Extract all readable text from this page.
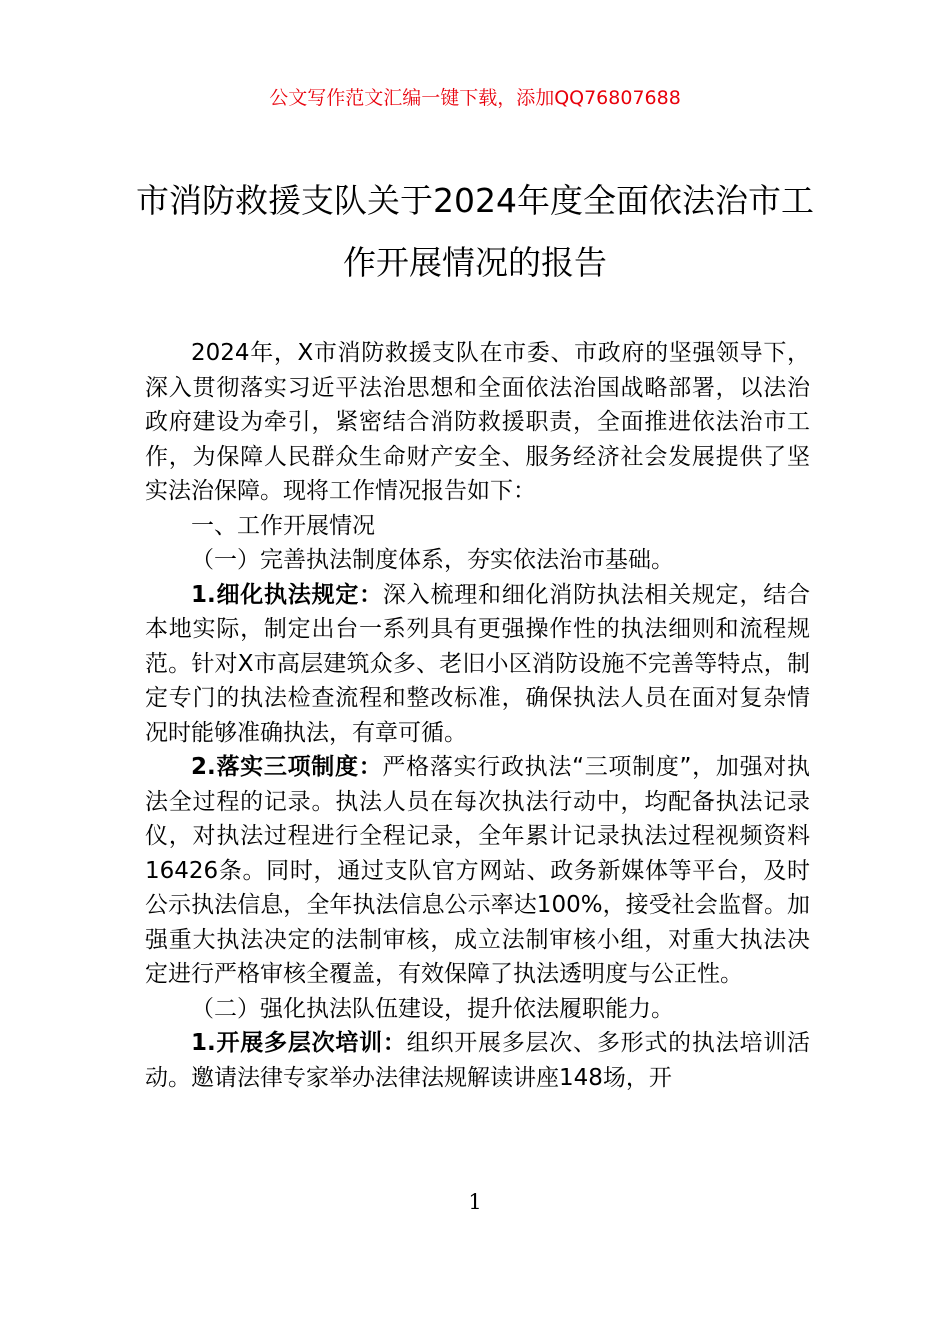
公文写作范文汇编一键下载，添加QQ76807688
市消防救援支队关于2024年度全面依法治市工作开展情况的报告

2024年，X市消防救援支队在市委、市政府的坚强领导下，深入贯彻落实习近平法治思想和全面依法治国战略部署，以法治政府建设为牵引，紧密结合消防救援职责，全面推进依法治市工作，为保障人民群众生命财产安全、服务经济社会发展提供了坚实法治保障。现将工作情况报告如下：

一、工作开展情况

（一）完善执法制度体系，夯实依法治市基础。

1.细化执法规定：深入梳理和细化消防执法相关规定，结合本地实际，制定出台一系列具有更强操作性的执法细则和流程规范。针对X市高层建筑众多、老旧小区消防设施不完善等特点，制定专门的执法检查流程和整改标准，确保执法人员在面对复杂情况时能够准确执法，有章可循。

2.落实三项制度：严格落实行政执法“三项制度”，加强对执法全过程的记录。执法人员在每次执法行动中，均配备执法记录仪，对执法过程进行全程记录，全年累计记录执法过程视频资料16426条。同时，通过支队官方网站、政务新媒体等平台，及时公示执法信息，全年执法信息公示率达100%，接受社会监督。加强重大执法决定的法制审核，成立法制审核小组，对重大执法决定进行严格审核全覆盖，有效保障了执法透明度与公正性。

（二）强化执法队伍建设，提升依法履职能力。

1.开展多层次培训：组织开展多层次、多形式的执法培训活动。邀请法律专家举办法律法规解读讲座148场，开

1
